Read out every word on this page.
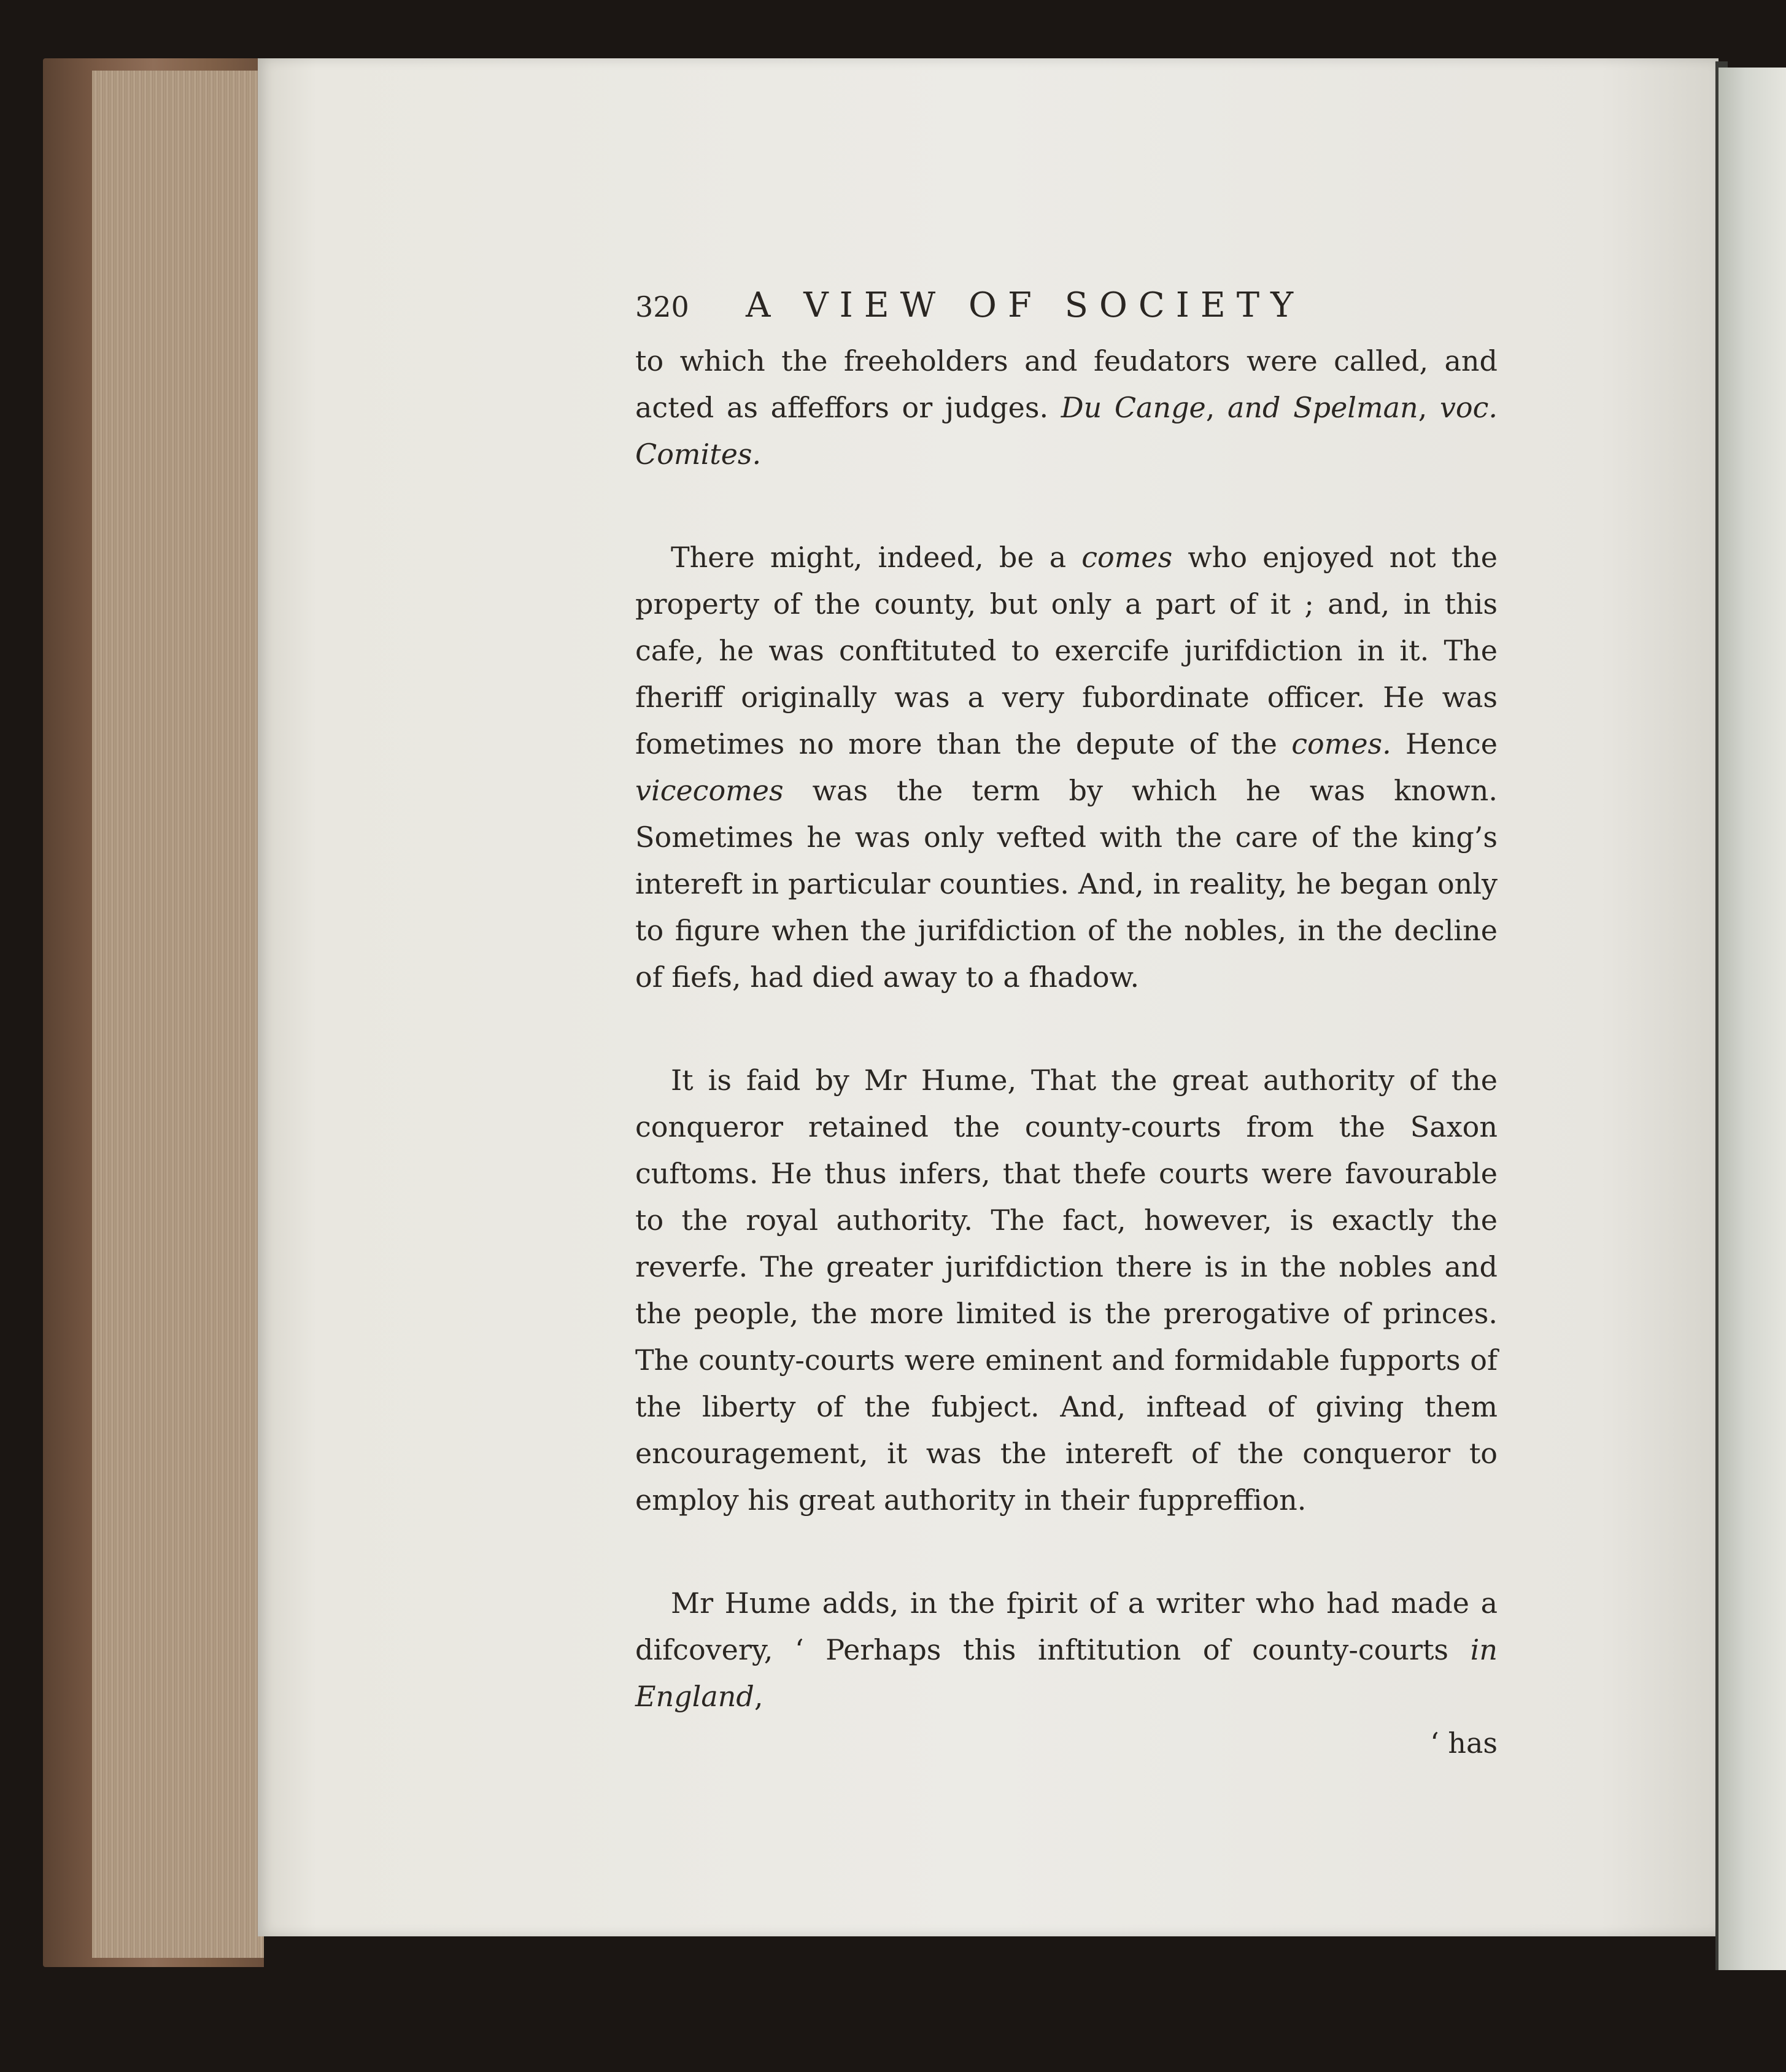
320	A VIEW OF SOCIETY

to which the freeholders and feudators were called, and acted as affeffors or judges. Du Cange, and Spelman, voc. Comites.

There might, indeed, be a comes who enjoyed not the property of the county, but only a part of it ; and, in this cafe, he was conftituted to exercife jurifdiction in it. The fheriff originally was a very fubordinate officer. He was fometimes no more than the depute of the comes. Hence vicecomes was the term by which he was known. Sometimes he was only vefted with the care of the king’s intereft in particular counties. And, in reality, he began only to figure when the jurifdiction of the nobles, in the decline of fiefs, had died away to a fhadow.

It is faid by Mr Hume, That the great authority of the conqueror retained the county-courts from the Saxon cuftoms. He thus infers, that thefe courts were favourable to the royal authority. The fact, however, is exactly the reverfe. The greater jurifdiction there is in the nobles and the people, the more limited is the prerogative of princes. The county-courts were eminent and formidable fupports of the liberty of the fubject. And, inftead of giving them encouragement, it was the intereft of the conqueror to employ his great authority in their fuppreffion.

Mr Hume adds, in the fpirit of a writer who had made a difcovery, ‘ Perhaps this inftitution of county-courts in England,

‘ has
